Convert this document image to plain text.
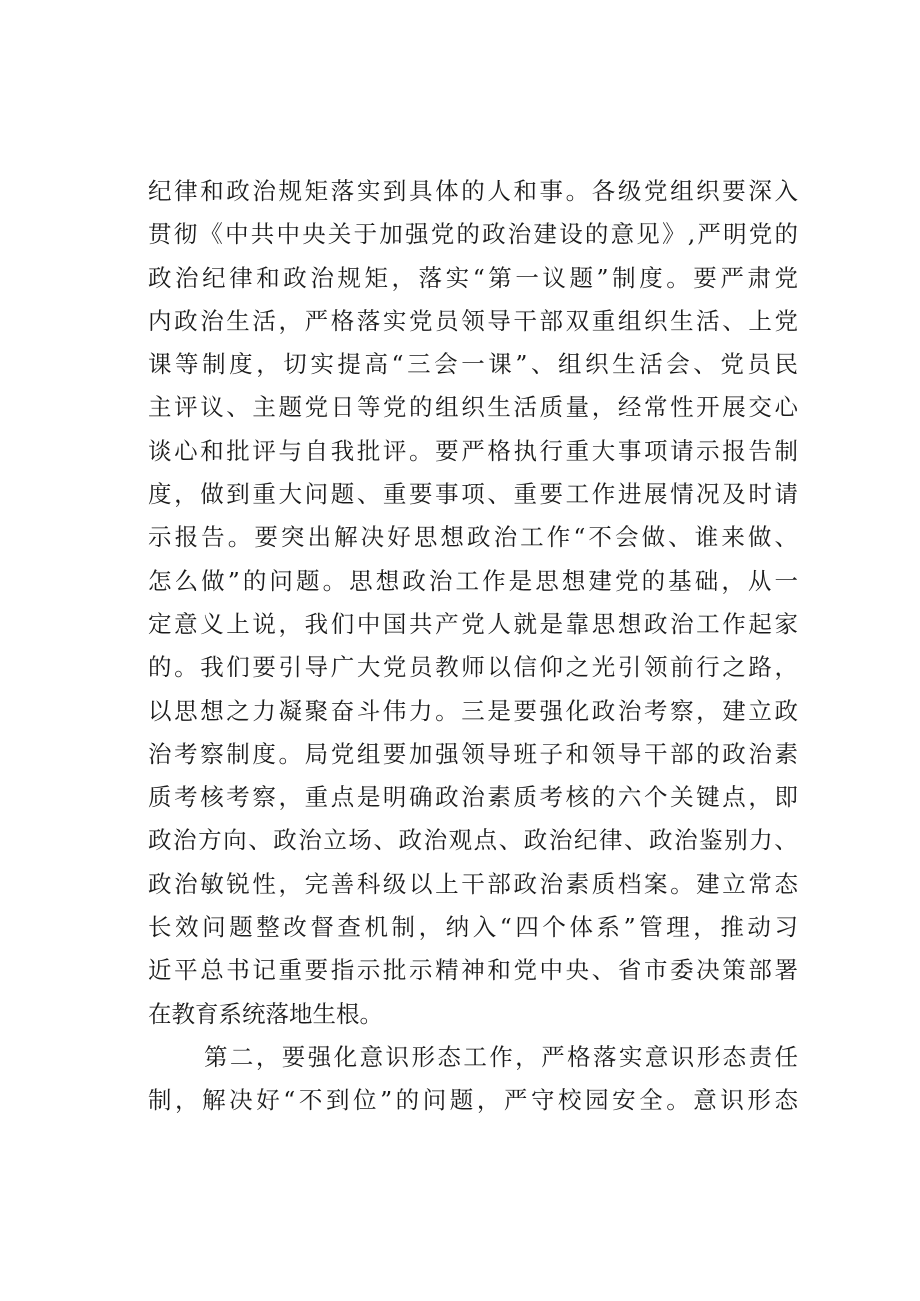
纪律和政治规矩落实到具体的人和事。各级党组织要深入
贯彻《中共中央关于加强党的政治建设的意见》,严明党的
政治纪律和政治规矩，落实“第一议题”制度。要严肃党
内政治生活，严格落实党员领导干部双重组织生活、上党
课等制度，切实提高“三会一课”、组织生活会、党员民
主评议、主题党日等党的组织生活质量，经常性开展交心
谈心和批评与自我批评。要严格执行重大事项请示报告制
度，做到重大问题、重要事项、重要工作进展情况及时请
示报告。要突出解决好思想政治工作“不会做、谁来做、
怎么做”的问题。思想政治工作是思想建党的基础，从一
定意义上说，我们中国共产党人就是靠思想政治工作起家
的。我们要引导广大党员教师以信仰之光引领前行之路，
以思想之力凝聚奋斗伟力。三是要强化政治考察，建立政
治考察制度。局党组要加强领导班子和领导干部的政治素
质考核考察，重点是明确政治素质考核的六个关键点，即
政治方向、政治立场、政治观点、政治纪律、政治鉴别力、
政治敏锐性，完善科级以上干部政治素质档案。建立常态
长效问题整改督查机制，纳入“四个体系”管理，推动习
近平总书记重要指示批示精神和党中央、省市委决策部署
在教育系统落地生根。
第二，要强化意识形态工作，严格落实意识形态责任
制，解决好“不到位”的问题，严守校园安全。意识形态
